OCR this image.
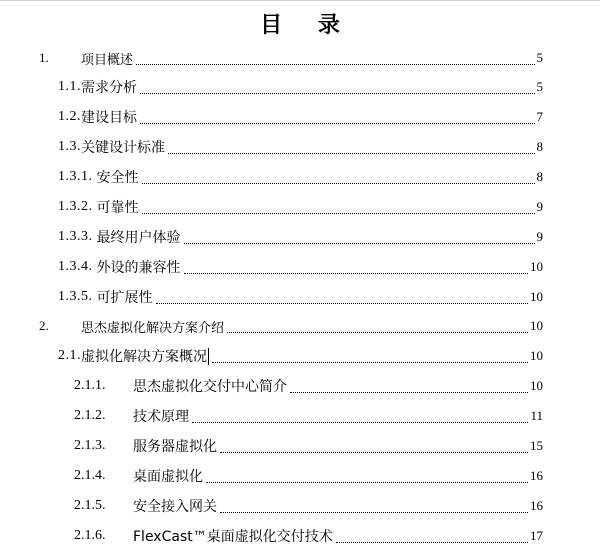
目 录
1. 项目概述	5
1.1. 需求分析	5
1.2. 建设目标	7
1.3. 关键设计标准	8
1.3.1. 安全性	8
1.3.2. 可靠性	9
1.3.3. 最终用户体验	9
1.3.4. 外设的兼容性	10
1.3.5. 可扩展性	10
2. 思杰虚拟化解决方案介绍	10
2.1. 虚拟化解决方案概况	10
2.1.1. 思杰虚拟化交付中心简介	10
2.1.2. 技术原理	11
2.1.3. 服务器虚拟化	15
2.1.4. 桌面虚拟化	16
2.1.5. 安全接入网关	16
2.1.6. FlexCast™桌面虚拟化交付技术	17
